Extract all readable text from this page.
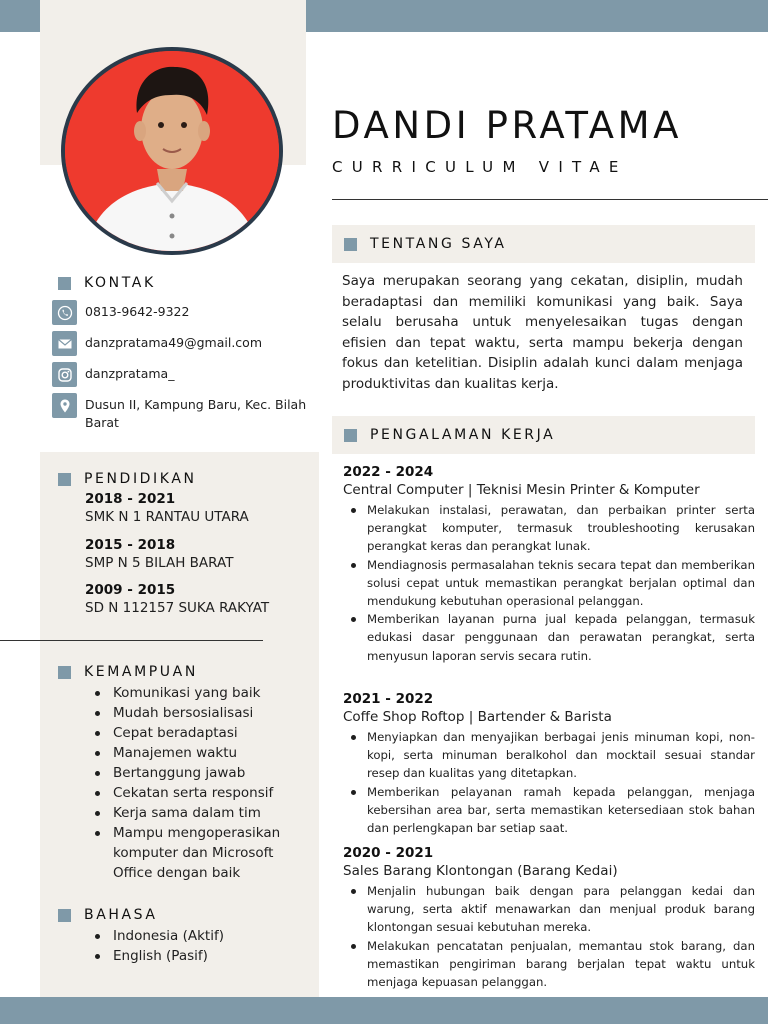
DANDI PRATAMA
CURRICULUM VITAE
KONTAK
0813-9642-9322
danzpratama49@gmail.com
danzpratama_
Dusun II, Kampung Baru, Kec. Bilah Barat
PENDIDIKAN
2018 - 2021
SMK N 1 RANTAU UTARA
2015 - 2018
SMP N 5 BILAH BARAT
2009 - 2015
SD N 112157 SUKA RAKYAT
KEMAMPUAN
Komunikasi yang baik
Mudah bersosialisasi
Cepat beradaptasi
Manajemen waktu
Bertanggung jawab
Cekatan serta responsif
Kerja sama dalam tim
Mampu mengoperasikan komputer dan Microsoft Office dengan baik
BAHASA
Indonesia (Aktif)
English (Pasif)
TENTANG SAYA
Saya merupakan seorang yang cekatan, disiplin, mudah beradaptasi dan memiliki komunikasi yang baik. Saya selalu berusaha untuk menyelesaikan tugas dengan efisien dan tepat waktu, serta mampu bekerja dengan fokus dan ketelitian. Disiplin adalah kunci dalam menjaga produktivitas dan kualitas kerja.
PENGALAMAN KERJA
2022 - 2024
Central Computer | Teknisi Mesin Printer & Komputer
Melakukan instalasi, perawatan, dan perbaikan printer serta perangkat komputer, termasuk troubleshooting kerusakan perangkat keras dan perangkat lunak.
Mendiagnosis permasalahan teknis secara tepat dan memberikan solusi cepat untuk memastikan perangkat berjalan optimal dan mendukung kebutuhan operasional pelanggan.
Memberikan layanan purna jual kepada pelanggan, termasuk edukasi dasar penggunaan dan perawatan perangkat, serta menyusun laporan servis secara rutin.
2021 - 2022
Coffe Shop Roftop | Bartender & Barista
Menyiapkan dan menyajikan berbagai jenis minuman kopi, non-kopi, serta minuman beralkohol dan mocktail sesuai standar resep dan kualitas yang ditetapkan.
Memberikan pelayanan ramah kepada pelanggan, menjaga kebersihan area bar, serta memastikan ketersediaan stok bahan dan perlengkapan bar setiap saat.
2020 - 2021
Sales Barang Klontongan (Barang Kedai)
Menjalin hubungan baik dengan para pelanggan kedai dan warung, serta aktif menawarkan dan menjual produk barang klontongan sesuai kebutuhan mereka.
Melakukan pencatatan penjualan, memantau stok barang, dan memastikan pengiriman barang berjalan tepat waktu untuk menjaga kepuasan pelanggan.
